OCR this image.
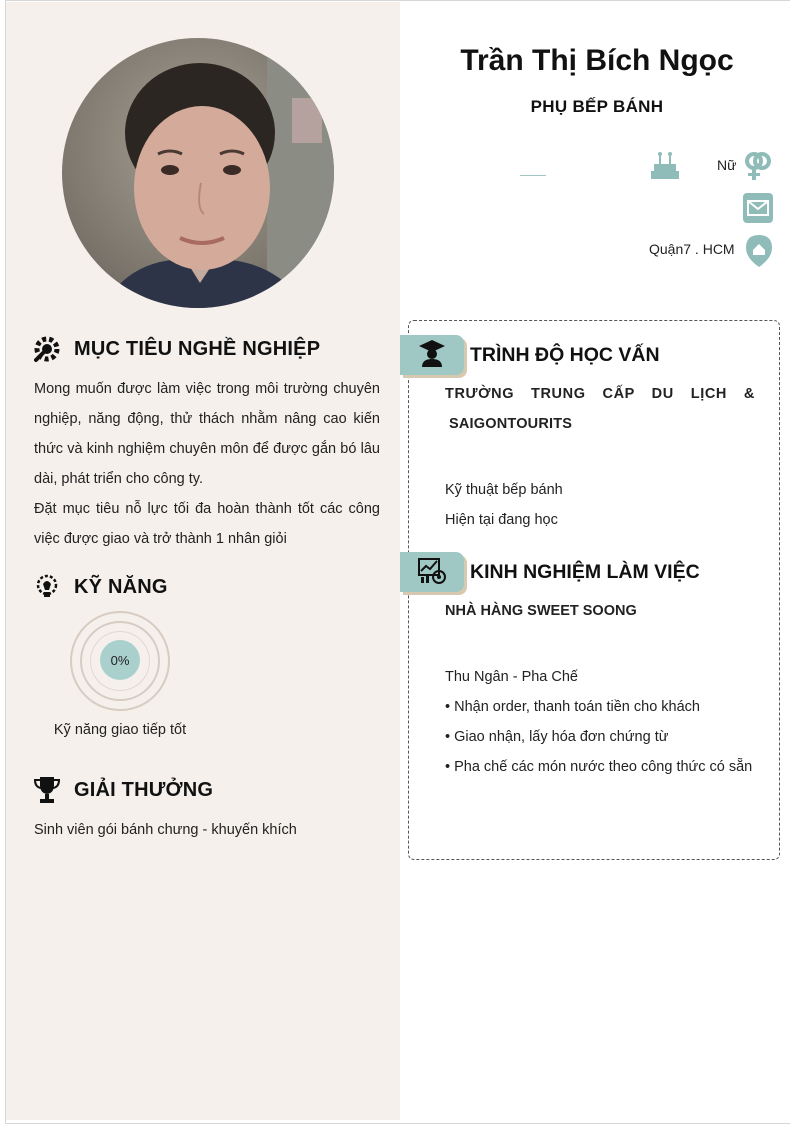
MỤC TIÊU NGHỀ NGHIỆP
Mong muốn được làm việc trong môi trường chuyên nghiệp, năng động, thử thách nhằm nâng cao kiến thức và kinh nghiệm chuyên môn để được gắn bó lâu dài, phát triển cho công ty.
Đặt mục tiêu nỗ lực tối đa hoàn thành tốt các công việc được giao và trở thành 1 nhân giỏi
KỸ NĂNG
0%
Kỹ năng giao tiếp tốt
GIẢI THƯỞNG
Sinh viên gói bánh chưng - khuyến khích
Trần Thị Bích Ngọc
PHỤ BẾP BÁNH
Nữ
Quận7 . HCM
TRÌNH ĐỘ HỌC VẤN
TRƯỜNG TRUNG CẤP DU LỊCH &
SAIGONTOURITS
Kỹ thuật bếp bánh
Hiện tại đang học
KINH NGHIỆM LÀM VIỆC
NHÀ HÀNG SWEET SOONG
Thu Ngân - Pha Chế
• Nhận order, thanh toán tiền cho khách
• Giao nhận, lấy hóa đơn chứng từ
• Pha chế các món nước theo công thức có sẵn
